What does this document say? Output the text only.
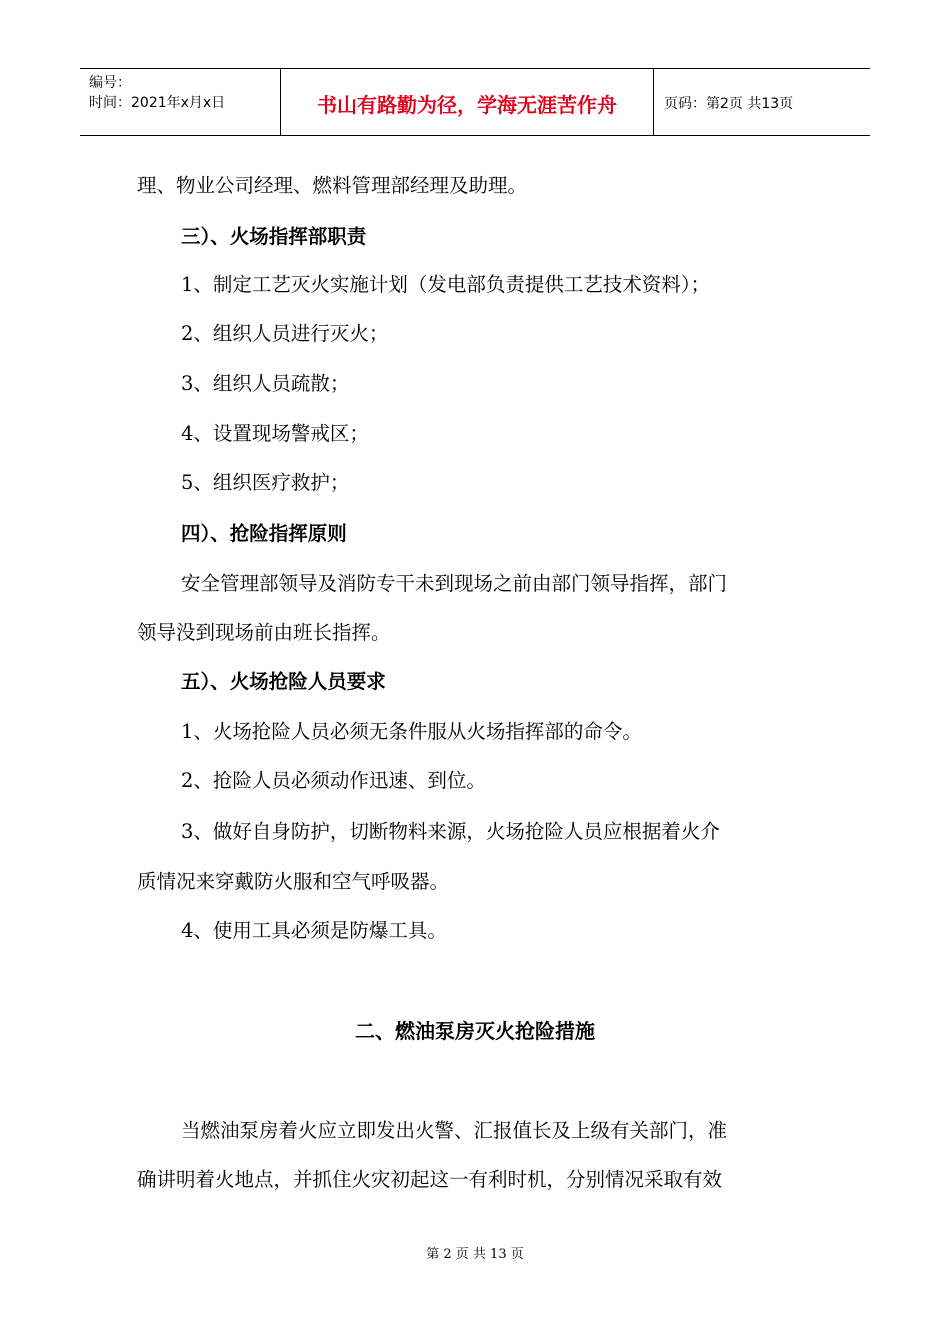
编号：
时间：2021年x月x日	书山有路勤为径，学海无涯苦作舟	页码：第2页 共13页
理、物业公司经理、燃料管理部经理及助理。
三）、火场指挥部职责
1、制定工艺灭火实施计划（发电部负责提供工艺技术资料）；
2、组织人员进行灭火；
3、组织人员疏散；
4、设置现场警戒区；
5、组织医疗救护；
四）、抢险指挥原则
安全管理部领导及消防专干未到现场之前由部门领导指挥，部门
领导没到现场前由班长指挥。
五）、火场抢险人员要求
1、火场抢险人员必须无条件服从火场指挥部的命令。
2、抢险人员必须动作迅速、到位。
3、做好自身防护，切断物料来源，火场抢险人员应根据着火介
质情况来穿戴防火服和空气呼吸器。
4、使用工具必须是防爆工具。
二、燃油泵房灭火抢险措施
当燃油泵房着火应立即发出火警、汇报值长及上级有关部门，准
确讲明着火地点，并抓住火灾初起这一有利时机，分别情况采取有效
第 2 页 共 13 页
